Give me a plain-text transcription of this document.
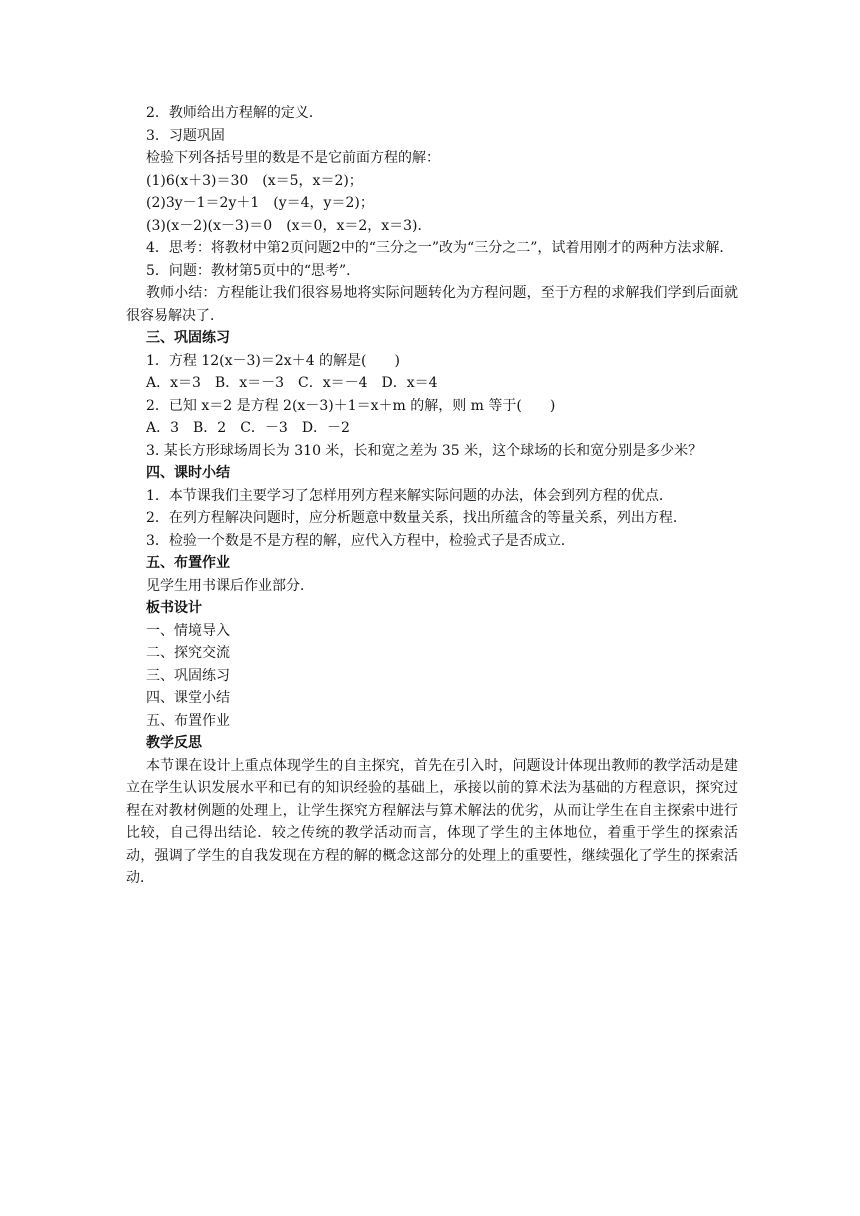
2．教师给出方程解的定义．

3．习题巩固

检验下列各括号里的数是不是它前面方程的解：

(1)6(x＋3)＝30　(x＝5，x＝2)；

(2)3y－1＝2y＋1　(y＝4，y＝2)；

(3)(x－2)(x－3)＝0　(x＝0，x＝2，x＝3)．

4．思考：将教材中第2页问题2中的“三分之一”改为“三分之二”，试着用刚才的两种方法求解．

5．问题：教材第5页中的“思考”．

教师小结：方程能让我们很容易地将实际问题转化为方程问题，至于方程的求解我们学到后面就很容易解决了．

三、巩固练习

1．方程 12(x－3)＝2x＋4 的解是(　　)

A．x＝3　B．x＝－3　C．x＝－4　D．x＝4

2．已知 x＝2 是方程 2(x－3)＋1＝x＋m 的解，则 m 等于(　　)

A．3　B．2　C．－3　D．－2

3. 某长方形球场周长为 310 米，长和宽之差为 35 米，这个球场的长和宽分别是多少米？

四、课时小结

1．本节课我们主要学习了怎样用列方程来解实际问题的办法，体会到列方程的优点．

2．在列方程解决问题时，应分析题意中数量关系，找出所蕴含的等量关系，列出方程．

3．检验一个数是不是方程的解，应代入方程中，检验式子是否成立．

五、布置作业

见学生用书课后作业部分．

板书设计

一、情境导入

二、探究交流

三、巩固练习

四、课堂小结

五、布置作业

教学反思

本节课在设计上重点体现学生的自主探究，首先在引入时，问题设计体现出教师的教学活动是建立在学生认识发展水平和已有的知识经验的基础上，承接以前的算术法为基础的方程意识，探究过程在对教材例题的处理上，让学生探究方程解法与算术解法的优劣，从而让学生在自主探索中进行比较，自己得出结论．较之传统的教学活动而言，体现了学生的主体地位，着重于学生的探索活动，强调了学生的自我发现在方程的解的概念这部分的处理上的重要性，继续强化了学生的探索活动．
